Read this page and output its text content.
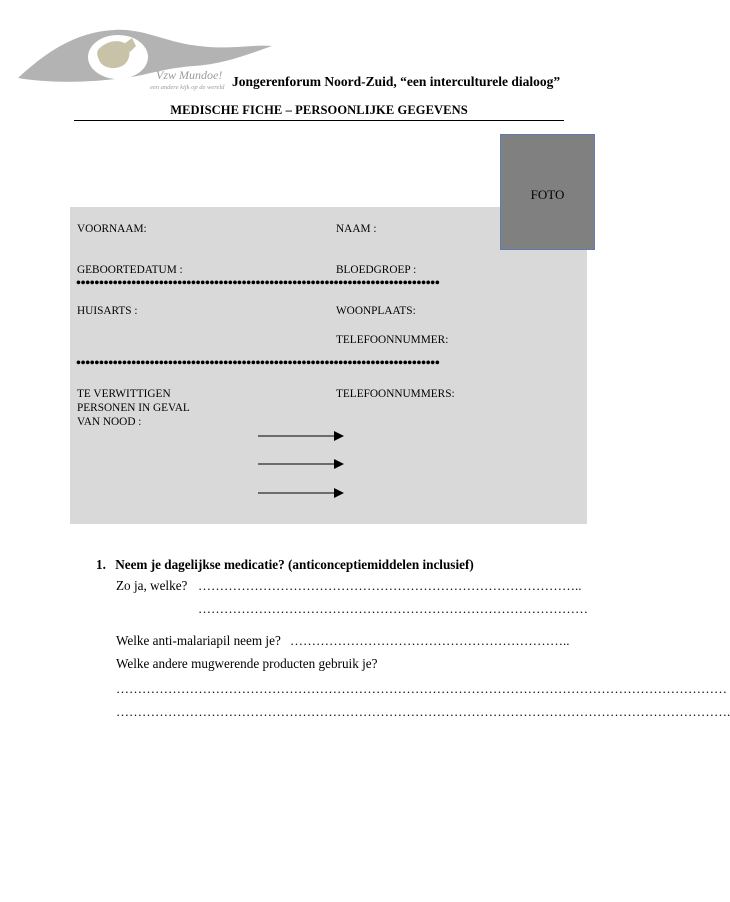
Vzw Mundoe!
een andere kijk op de wereld Jongerenforum Noord-Zuid, “een interculturele dialoog”
MEDISCHE FICHE – PERSOONLIJKE GEGEVENS
VOORNAAM:	NAAM :
GEBOORTEDATUM :	BLOEDGROEP :
•••••••••••••••••••••••••••••••••••••••••••••••••••••••••••••••••••••••••••••••
HUISARTS :	WOONPLAATS:
TELEFOONNUMMER:
•••••••••••••••••••••••••••••••••••••••••••••••••••••••••••••••••••••••••••••••
TE VERWITTIGEN
PERSONEN IN GEVAL
VAN NOOD :
TELEFOONNUMMERS:
FOTO
1. Neem je dagelijkse medicatie? (anticonceptiemiddelen inclusief)
Zo ja, welke? ……………………………………………………………………………..
………………………………………………………………………………
Welke anti-malariapil neem je? ………………………………………………………..
Welke andere mugwerende producten gebruik je?
……………………………………………………………………………………………………………………………
…………………………………………………………………………………………………………………………….
